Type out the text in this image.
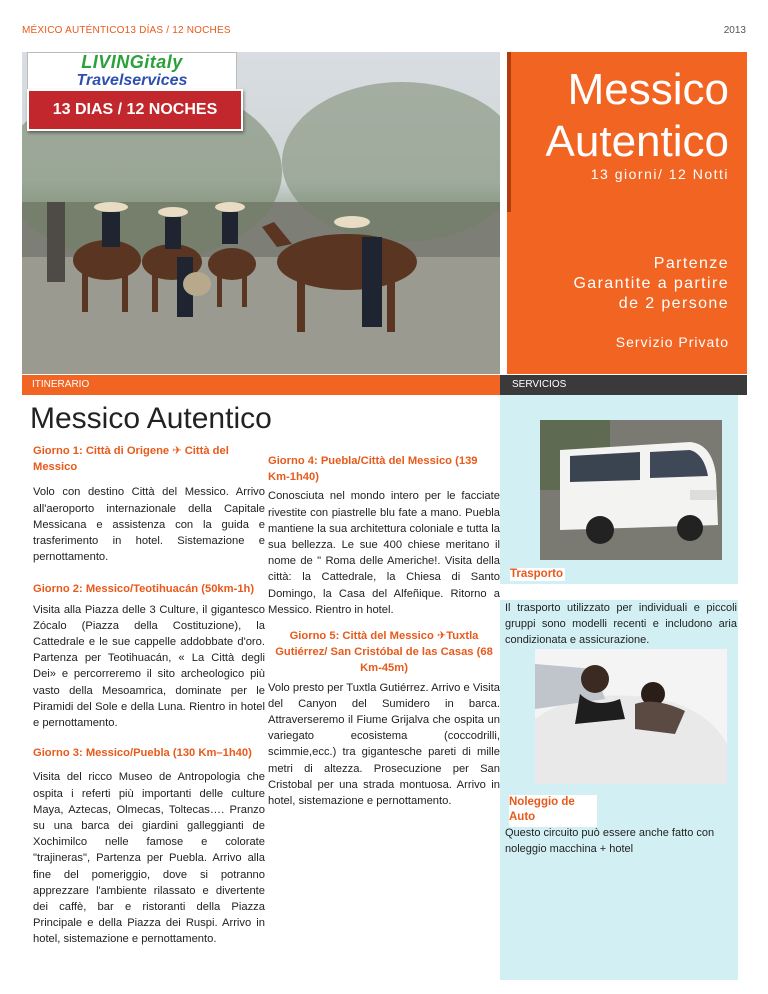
MÉXICO AUTÉNTICO13 DÍAS / 12 NOCHES	2013
LIVINGitaly
Travelservices
13 DIAS / 12 NOCHES	Messico
Autentico
13 giorni/ 12 Notti
Partenze
Garantite a partire
de 2 persone
Servizio Privato
ITINERARIO	SERVICIOS
Messico Autentico
Giorno 1: Città di Origene ✈ Città del Messico

Volo con destino Città del Messico. Arrivo all'aeroporto internazionale della Capitale Messicana e assistenza con la guida e trasferimento in hotel. Sistemazione e pernottamento.

Giorno 2: Messico/Teotihuacán (50km-1h)

Visita alla Piazza delle 3 Culture, il gigantesco Zócalo (Piazza della Costituzione), la Cattedrale e le sue cappelle addobbate d'oro. Partenza per Teotihuacán, « La Città degli Dei» e percorreremo il sito archeologico più vasto della Mesoamrica, dominate per le Piramidi del Sole e della Luna. Rientro in hotel e pernottamento.

Giorno 3: Messico/Puebla (130 Km–1h40)

Visita del ricco Museo de Antropologia che ospita i referti più importanti delle culture Maya, Aztecas, Olmecas, Toltecas…. Pranzo su una barca dei giardini galleggianti de Xochimilco nelle famose e colorate "trajineras", Partenza per Puebla. Arrivo alla fine del pomeriggio, dove si potranno apprezzare l'ambiente rilassato e divertente dei caffè, bar e ristoranti della Piazza Principale e della Piazza dei Ruspi. Arrivo in hotel, sistemazione e pernottamento.

Giorno 4: Puebla/Città del Messico (139 Km-1h40)

Conosciuta nel mondo intero per le facciate rivestite con piastrelle blu fate a mano. Puebla mantiene la sua architettura coloniale e tutta la sua bellezza. Le sue 400 chiese meritano il nome de " Roma delle Americhe!. Visita della città: la Cattedrale, la Chiesa di Santo Domingo, la Casa del Alfeñique. Ritorno a Messico. Rientro in hotel.

Giorno 5: Città del Messico ✈Tuxtla Gutiérrez/ San Cristóbal de las Casas (68 Km-45m)

Volo presto per Tuxtla Gutiérrez. Arrivo e Visita del Canyon del Sumidero in barca. Attraverseremo il Fiume Grijalva che ospita un variegato ecosistema (coccodrilli, scimmie,ecc.) tra gigantesche pareti di mille metri di altezza. Prosecuzione per San Cristobal per una strada montuosa. Arrivo in hotel, sistemazione e pernottamento.

Trasporto
Il trasporto utilizzato per individuali e piccoli gruppi sono modelli recenti e includono aria condizionata e assicurazione.
Noleggio de Auto
Questo circuito può essere anche fatto con noleggio macchina + hotel
